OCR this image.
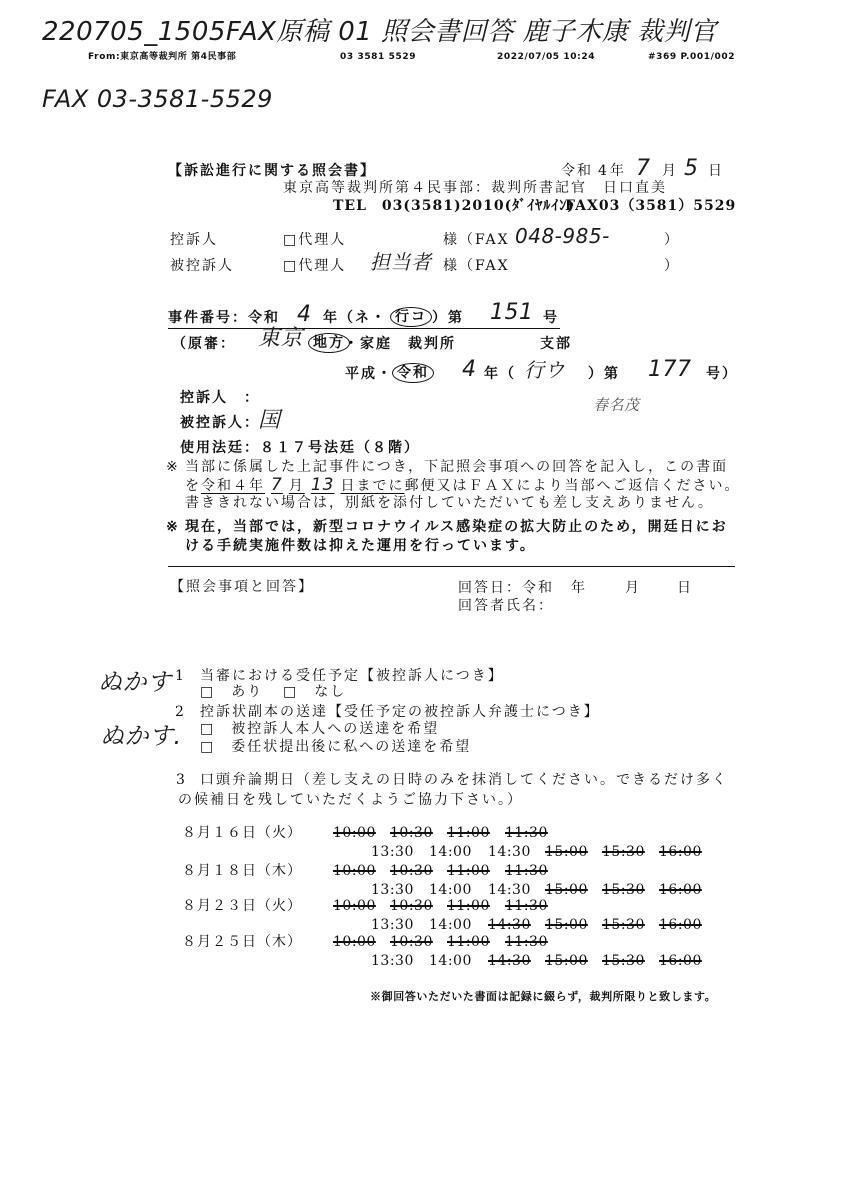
220705_1505FAX原稿 01 照会書回答 鹿子木康 裁判官
From:東京高等裁判所 第4民事部	03 3581 5529	2022/07/05 10:24	#369 P.001/002
FAX 03-3581-5529
【訴訟進行に関する照会書】	令和 4 年 7 月 5 日
東京高等裁判所第４民事部：裁判所書記官　日口直美
TEL　03(3581)2010(ﾀﾞｲﾔﾙｲﾝ)
FAX03（3581）5529
控訴人	□代理人	様（FAX 048-985-	）
被控訴人	□代理人 担当者 様（FAX	）
事件番号：令和 4 年（ネ・ 行コ ）第 151 号
（原審： 東京 地方 ・家庭　裁判所	支部
平成・ 令和 4 年（ 行ウ ）第 177 号）
控訴人　：	春名茂
被控訴人：
国
使用法廷：８１７号法廷（８階）
※ 当部に係属した上記事件につき，下記照会事項への回答を記入し，この書面
を令和４年 7 月 13 日までに郵便又はＦＡＸにより当部へご返信ください。
書ききれない場合は，別紙を添付していただいても差し支えありません。
※ 現在，当部では，新型コロナウイルス感染症の拡大防止のため，開廷日にお
ける手続実施件数は抑えた運用を行っています。
【照会事項と回答】	回答日：令和 年	月	日
回答者氏名：
ぬかす
ぬかす.
1 当審における受任予定【被控訴人につき】
□　あり □　なし
2 控訴状副本の送達【受任予定の被控訴人弁護士につき】
□　被控訴人本人への送達を希望
□　委任状提出後に私への送達を希望
3 口頭弁論期日（差し支えの日時のみを抹消してください。できるだけ多く
の候補日を残していただくようご協力下さい。）
８月１６日（火） 10:00 10:30 11:00 11:30
13:30 14:00 14:30 15:00 15:30 16:00
８月１８日（木） 10:00 10:30 11:00 11:30
13:30 14:00 14:30 15:00 15:30 16:00
８月２３日（火） 10:00 10:30 11:00 11:30
13:30 14:00 14:30 15:00 15:30 16:00
８月２５日（木） 10:00 10:30 11:00 11:30
13:30 14:00 14:30 15:00 15:30 16:00
※御回答いただいた書面は記録に綴らず，裁判所限りと致します。
